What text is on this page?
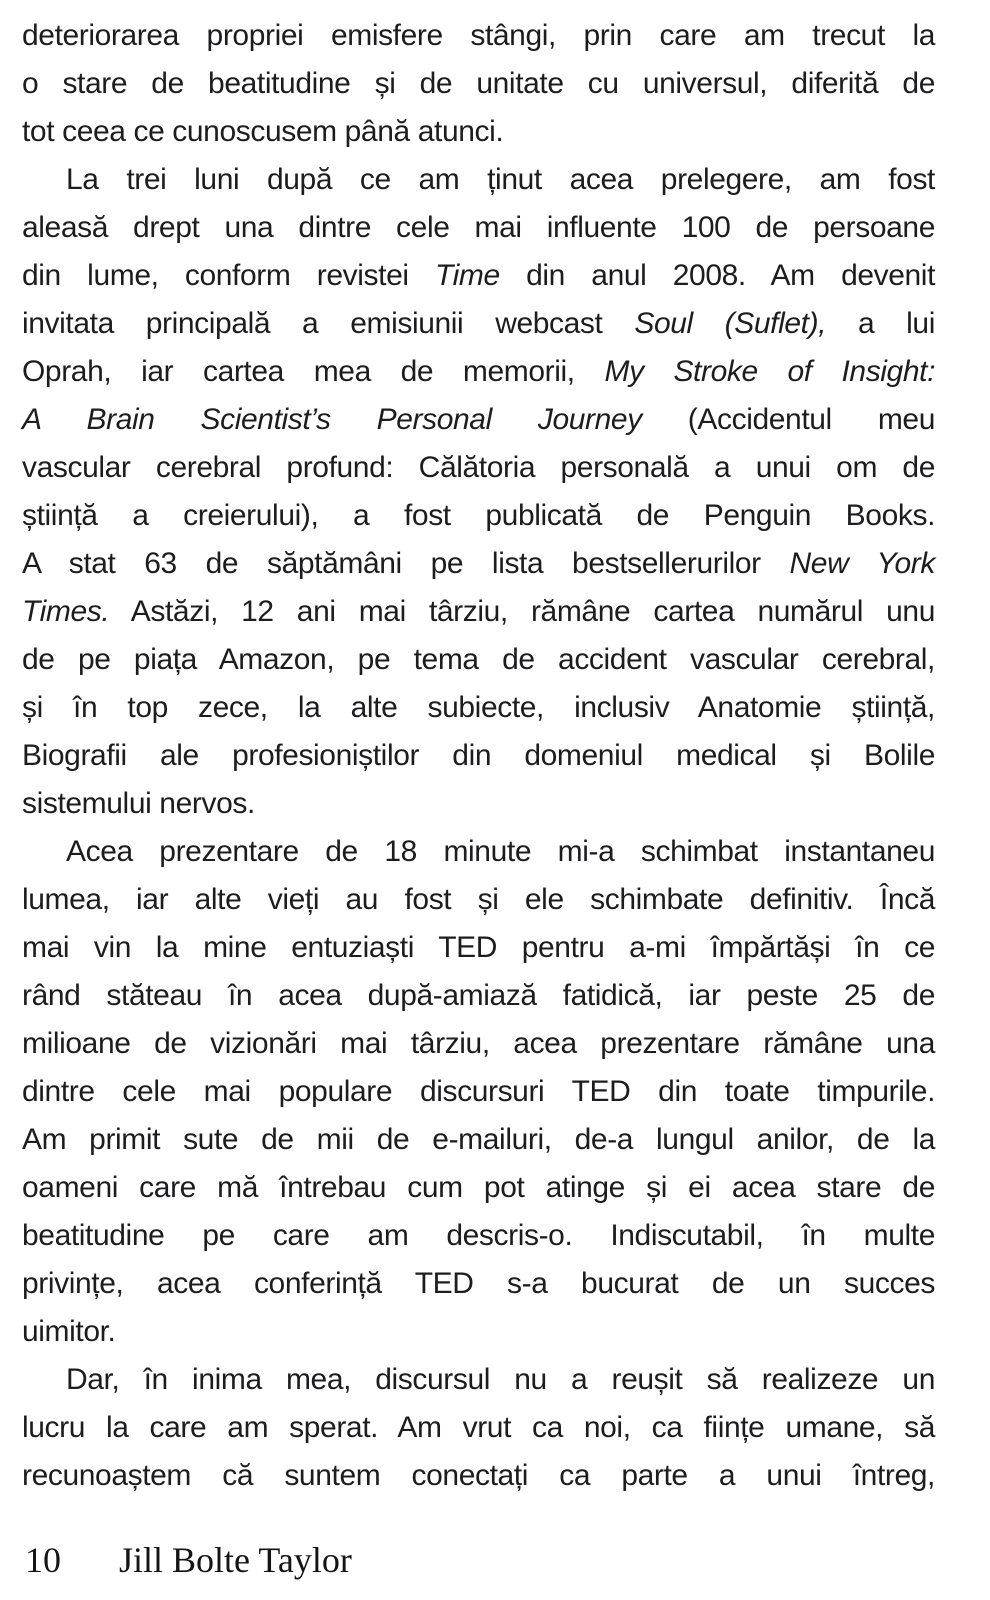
deteriorarea propriei emisfere stângi, prin care am trecut la
o stare de beatitudine și de unitate cu universul, diferită de
tot ceea ce cunoscusem până atunci.
La trei luni după ce am ținut acea prelegere, am fost
aleasă drept una dintre cele mai influente 100 de persoane
din lume, conform revistei Time din anul 2008. Am devenit
invitata principală a emisiunii webcast Soul (Suflet), a lui
Oprah, iar cartea mea de memorii, My Stroke of Insight:
A Brain Scientist’s Personal Journey (Accidentul meu
vascular cerebral profund: Călătoria personală a unui om de
știință a creierului), a fost publicată de Penguin Books.
A stat 63 de săptămâni pe lista bestsellerurilor New York
Times. Astăzi, 12 ani mai târziu, rămâne cartea numărul unu
de pe piața Amazon, pe tema de accident vascular cerebral,
și în top zece, la alte subiecte, inclusiv Anatomie știință,
Biografii ale profesioniștilor din domeniul medical și Bolile
sistemului nervos.
Acea prezentare de 18 minute mi-a schimbat instantaneu
lumea, iar alte vieți au fost și ele schimbate definitiv. Încă
mai vin la mine entuziaști TED pentru a-mi împărtăși în ce
rând stăteau în acea după-amiază fatidică, iar peste 25 de
milioane de vizionări mai târziu, acea prezentare rămâne una
dintre cele mai populare discursuri TED din toate timpurile.
Am primit sute de mii de e-mailuri, de-a lungul anilor, de la
oameni care mă întrebau cum pot atinge și ei acea stare de
beatitudine pe care am descris-o. Indiscutabil, în multe
privințe, acea conferință TED s-a bucurat de un succes
uimitor.
Dar, în inima mea, discursul nu a reușit să realizeze un
lucru la care am sperat. Am vrut ca noi, ca ființe umane, să
recunoaștem că suntem conectați ca parte a unui întreg,
10 Jill Bolte Taylor
